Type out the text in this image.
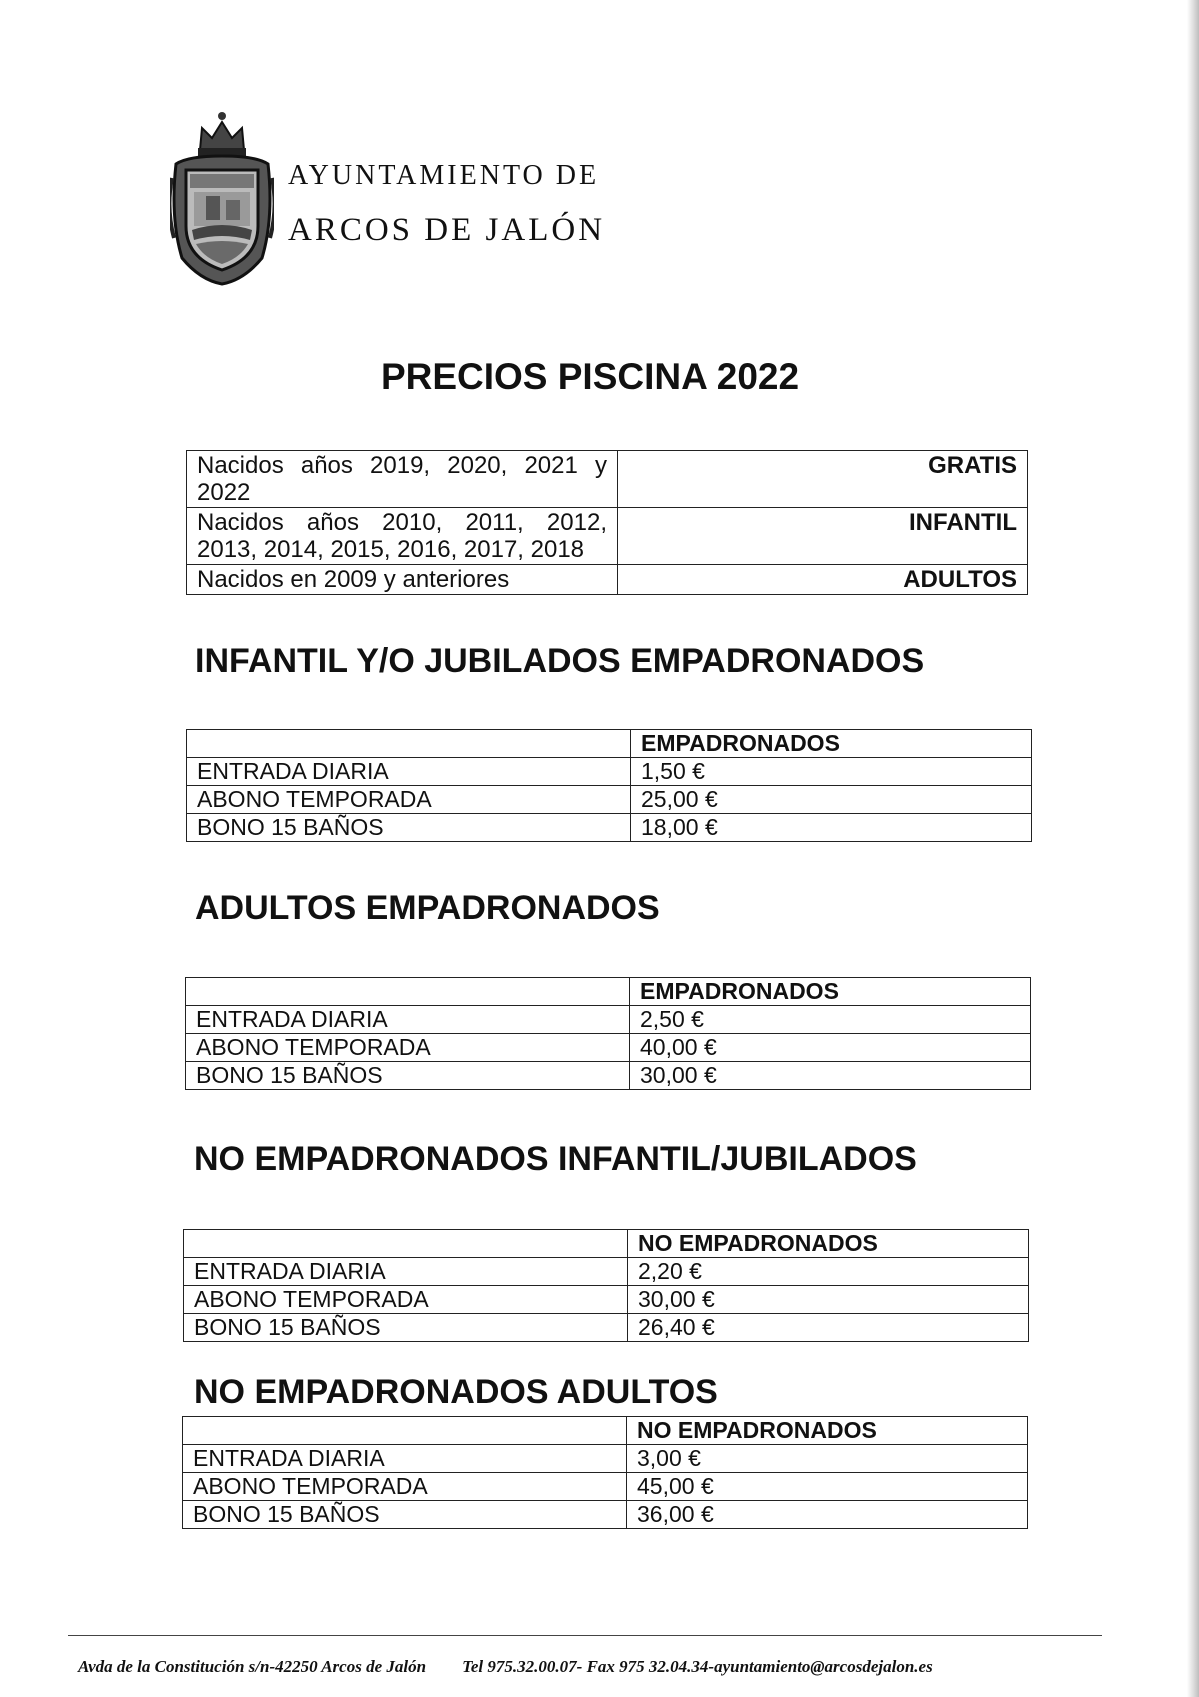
AYUNTAMIENTO DE
ARCOS DE JALÓN
PRECIOS PISCINA 2022
Nacidos años 2019, 2020, 2021 y 2022	GRATIS
Nacidos años 2010, 2011, 2012, 2013, 2014, 2015, 2016, 2017, 2018	INFANTIL
Nacidos en 2009 y anteriores	ADULTOS
INFANTIL Y/O JUBILADOS EMPADRONADOS
	EMPADRONADOS
ENTRADA DIARIA	1,50 €
ABONO TEMPORADA	25,00 €
BONO 15 BAÑOS	18,00 €
ADULTOS EMPADRONADOS
	EMPADRONADOS
ENTRADA DIARIA	2,50 €
ABONO TEMPORADA	40,00 €
BONO 15 BAÑOS	30,00 €
NO EMPADRONADOS INFANTIL/JUBILADOS
	NO EMPADRONADOS
ENTRADA DIARIA	2,20 €
ABONO TEMPORADA	30,00 €
BONO 15 BAÑOS	26,40 €
NO EMPADRONADOS ADULTOS
	NO EMPADRONADOS
ENTRADA DIARIA	3,00 €
ABONO TEMPORADA	45,00 €
BONO 15 BAÑOS	36,00 €
Avda de la Constitución s/n-42250 Arcos de Jalón Tel 975.32.00.07- Fax 975 32.04.34-ayuntamiento@arcosdejalon.es
